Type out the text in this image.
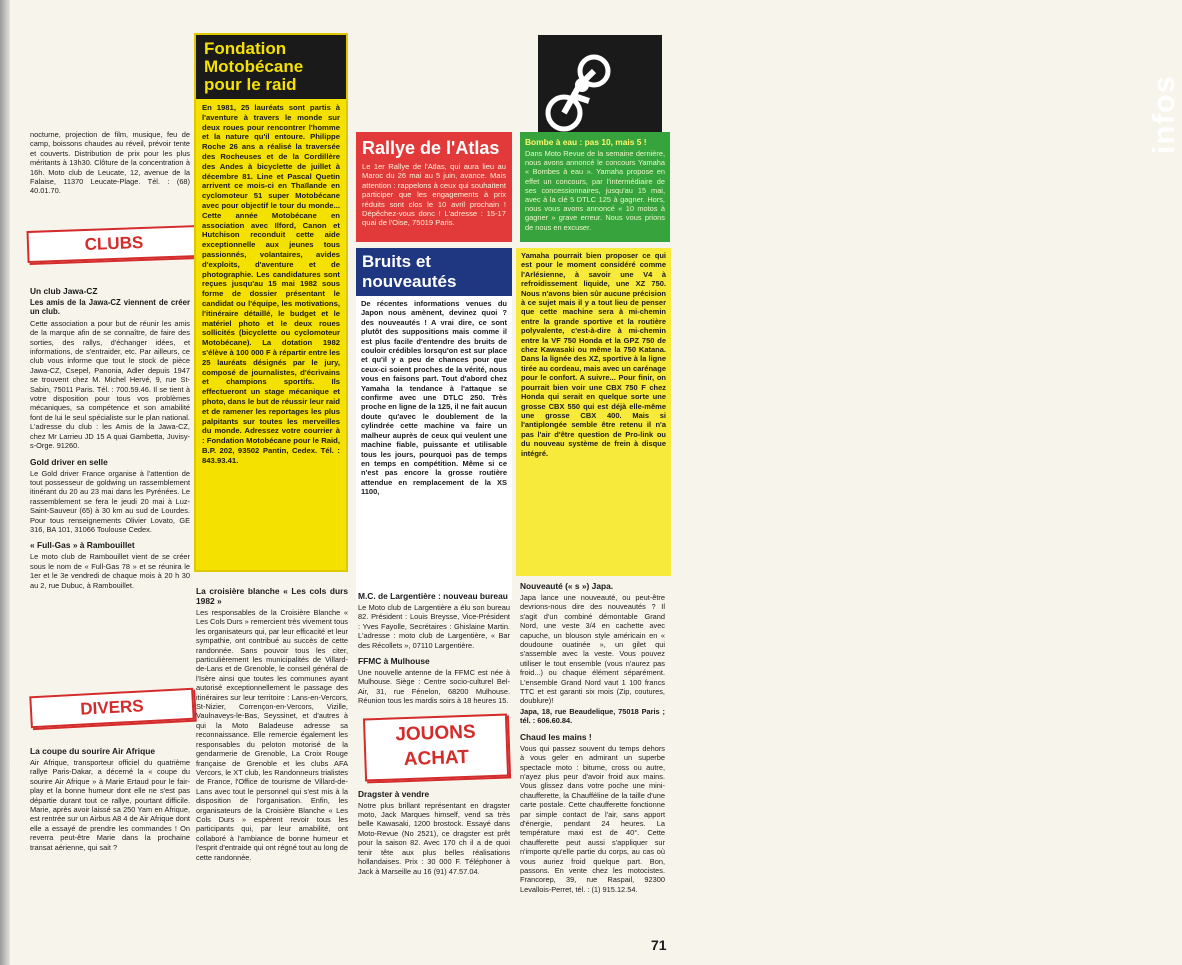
infos

nocturne, projection de film, musique, feu de camp, boissons chaudes au réveil, prévoir tente et couverts. Distribution de prix pour les plus méritants à 13h30. Clôture de la concentration à 16h. Moto club de Leucate, 12, avenue de la Falaise, 11370 Leucate-Plage. Tél. : (68) 40.01.70.

CLUBS
Un club Jawa-CZ
Les amis de la Jawa-CZ viennent de créer un club.

Cette association a pour but de réunir les amis de la marque afin de se connaître, de faire des sorties, des rallys, d'échanger idées, et informations, de s'entraider, etc. Par ailleurs, ce club vous informe que tout le stock de pièce Jawa-CZ, Csepel, Panonia, Adler depuis 1947 se trouvent chez M. Michel Hervé, 9, rue St-Sabin, 75011 Paris. Tél. : 700.59.46. Il se tient à votre disposition pour tous vos problèmes mécaniques, sa compétence et son amabilité font de lui le seul spécialiste sur le plan national. L'adresse du club : les Amis de la Jawa-CZ, chez Mr Larrieu JD 15 A quai Gambetta, Juvisy-s-Orge. 91260.

Gold driver en selle

Le Gold driver France organise à l'attention de tout possesseur de goldwing un rassemblement itinérant du 20 au 23 mai dans les Pyrénées. Le rassemblement se fera le jeudi 20 mai à Luz-Saint-Sauveur (65) à 30 km au sud de Lourdes. Pour tous renseignements Olivier Lovato, GE 316, BA 101, 31066 Toulouse Cedex.

« Full-Gas » à Rambouillet

Le moto club de Rambouillet vient de se créer sous le nom de « Full-Gas 78 » et se réunira le 1er et le 3e vendredi de chaque mois à 20 h 30 au 2, rue Dubuc, à Rambouillet.

DIVERS
La coupe du sourire Air Afrique

Air Afrique, transporteur officiel du quatrième rallye Paris-Dakar, a décerné la « coupe du sourire Air Afrique » à Marie Ertaud pour le fair-play et la bonne humeur dont elle ne s'est pas départie durant tout ce rallye, pourtant difficile. Marie, après avoir laissé sa 250 Yam en Afrique, est rentrée sur un Airbus A8 4 de Air Afrique dont elle a essayé de prendre les commandes ! On reverra peut-être Marie dans la prochaine transat aérienne, qui sait ?

Fondation Motobécane pour le raid
En 1981, 25 lauréats sont partis à l'aventure à travers le monde sur deux roues pour rencontrer l'homme et la nature qu'il entoure. Philippe Roche 26 ans a réalisé la traversée des Rocheuses et de la Cordillère des Andes à bicyclette de juillet à décembre 81. Line et Pascal Quetin arrivent ce mois-ci en Thaïlande en cyclomoteur 51 super Motobécane avec pour objectif le tour du monde... Cette année Motobécane en association avec Ilford, Canon et Hutchison reconduit cette aide exceptionnelle aux jeunes tous passionnés, volantaires, avides d'exploits, d'aventure et de photographie. Les candidatures sont reçues jusqu'au 15 mai 1982 sous forme de dossier présentant le candidat ou l'équipe, les motivations, l'itinéraire détaillé, le budget et le matériel photo et le deux roues sollicités (bicyclette ou cyclomoteur Motobécane). La dotation 1982 s'élève à 100 000 F à répartir entre les 25 lauréats désignés par le jury, composé de journalistes, d'écrivains et champions sportifs. Ils effectueront un stage mécanique et photo, dans le but de réussir leur raid et de ramener les reportages les plus palpitants sur toutes les merveilles du monde. Adressez votre courrier à : Fondation Motobécane pour le Raid, B.P. 202, 93502 Pantin, Cedex. Tél. : 843.93.41.
La croisière blanche « Les cols durs 1982 »

Les responsables de la Croisière Blanche « Les Cols Durs » remercient très vivement tous les organisateurs qui, par leur efficacité et leur sympathie, ont contribué au succès de cette randonnée. Sans pouvoir tous les citer, particulièrement les municipalités de Villard-de-Lans et de Grenoble, le conseil général de l'Isère ainsi que toutes les communes ayant autorisé exceptionnellement le passage des itinéraires sur leur territoire : Lans-en-Vercors, St-Nizier, Corrençon-en-Vercors, Vizille, Vaulnaveys-le-Bas, Seyssinet, et d'autres à qui la Moto Baladeuse adresse sa reconnaissance. Elle remercie également les responsables du peloton motorisé de la gendarmerie de Grenoble, La Croix Rouge française de Grenoble et les clubs AFA Vercors, le XT club, les Randonneurs trialistes de France, l'Office de tourisme de Villard-de-Lans avec tout le personnel qui s'est mis à la disposition de l'organisation. Enfin, les organisateurs de la Croisière Blanche « Les Cols Durs » espèrent revoir tous les participants qui, par leur amabilité, ont collaboré à l'ambiance de bonne humeur et l'esprit d'entraide qui ont régné tout au long de cette randonnée.

Rallye de l'Atlas
Le 1er Rallye de l'Atlas, qui aura lieu au Maroc du 26 mai au 5 juin, avance. Mais attention : rappelons à ceux qui souhaitent participer que les engagements à prix réduits sont clos le 10 avril prochain ! Dépêchez-vous donc ! L'adresse : 15-17 quai de l'Oise, 75019 Paris.
Bombe à eau : pas 10, mais 5 !
Dans Moto Revue de la semaine dernière, nous avons annoncé le concours Yamaha « Bombes à eau ». Yamaha propose en effet un concours, par l'intermédiaire de ses concessionnaires, jusqu'au 15 mai, avec à la clé 5 DTLC 125 à gagner. Hors, nous vous avons annoncé « 10 motos à gagner » grave erreur. Nous vous prions de nous en excuser.
Bruits et nouveautés
De récentes informations venues du Japon nous amènent, devinez quoi ? des nouveautés ! A vrai dire, ce sont plutôt des suppositions mais comme il est plus facile d'entendre des bruits de couloir crédibles lorsqu'on est sur place et qu'il y a peu de chances pour que ceux-ci soient proches de la vérité, nous vous en faisons part. Tout d'abord chez Yamaha la tendance à l'attaque se confirme avec une DTLC 250. Très proche en ligne de la 125, il ne fait aucun doute qu'avec le doublement de la cylindrée cette machine va faire un malheur auprès de ceux qui veulent une machine fiable, puissante et utilisable tous les jours, pourquoi pas de temps en temps en compétition. Même si ce n'est pas encore la grosse routière attendue en remplacement de la XS 1100,
Yamaha pourrait bien proposer ce qui est pour le moment considéré comme l'Arlésienne, à savoir une V4 à refroidissement liquide, une XZ 750. Nous n'avons bien sûr aucune précision à ce sujet mais il y a tout lieu de penser que cette machine sera à mi-chemin entre la grande sportive et la routière polyvalente, c'est-à-dire à mi-chemin entre la VF 750 Honda et la GPZ 750 de chez Kawasaki ou même la 750 Katana. Dans la lignée des XZ, sportive à la ligne tirée au cordeau, mais avec un carénage pour le confort. A suivre... Pour finir, on pourrait bien voir une CBX 750 F chez Honda qui serait en quelque sorte une grosse CBX 550 qui est déjà elle-même une grosse CBX 400. Mais si l'antiplongée semble être retenu il n'a pas l'air d'être question de Pro-link ou du nouveau système de frein à disque intégré.
M.C. de Largentière : nouveau bureau

Le Moto club de Largentière a élu son bureau 82. Président : Louis Breysse, Vice-Président : Yves Fayolle, Secrétaires : Ghislaine Martin. L'adresse : moto club de Largentière, « Bar des Récollets », 07110 Largentière.

FFMC à Mulhouse

Une nouvelle antenne de la FFMC est née à Mulhouse. Siège : Centre socio-culturel Bel-Air, 31, rue Fénelon, 68200 Mulhouse. Réunion tous les mardis soirs à 18 heures 15.

JOUONS
ACHAT
Dragster à vendre

Notre plus brillant représentant en dragster moto, Jack Marques himself, vend sa très belle Kawasaki, 1200 brostock. Essayé dans Moto-Revue (No 2521), ce dragster est prêt pour la saison 82. Avec 170 ch il a de quoi tenir tête aux plus belles réalisations hollandaises. Prix : 30 000 F. Téléphoner à Jack à Marseille au 16 (91) 47.57.04.

Nouveauté (« s ») Japa.

Japa lance une nouveauté, ou peut-être devrions-nous dire des nouveautés ? Il s'agit d'un combiné démontable Grand Nord, une veste 3/4 en cachette avec capuche, un blouson style américain en « doudoune ouatinée », un gilet qui s'assemble avec la veste. Vous pouvez utiliser le tout ensemble (vous n'aurez pas froid...) ou chaque élément séparément. L'ensemble Grand Nord vaut 1 100 francs TTC et est garanti six mois (Zip, coutures, doublure)!

Japa, 18, rue Beaudelique, 75018 Paris ; tél. : 606.60.84.

Chaud les mains !

Vous qui passez souvent du temps dehors à vous geler en admirant un superbe spectacle moto : bitume, cross ou autre, n'ayez plus peur d'avoir froid aux mains. Vous glissez dans votre poche une mini-chaufferette, la Chaufféline de la taille d'une carte postale. Cette chaufferette fonctionne par simple contact de l'air, sans apport d'énergie, pendant 24 heures. La température maxi est de 40°. Cette chaufferette peut aussi s'appliquer sur n'importe qu'elle partie du corps, au cas où vous auriez froid quelque part. Bon, passons. En vente chez les motocistes. Francorep, 39, rue Raspail, 92300 Levallois-Perret, tél. : (1) 915.12.54.

71
